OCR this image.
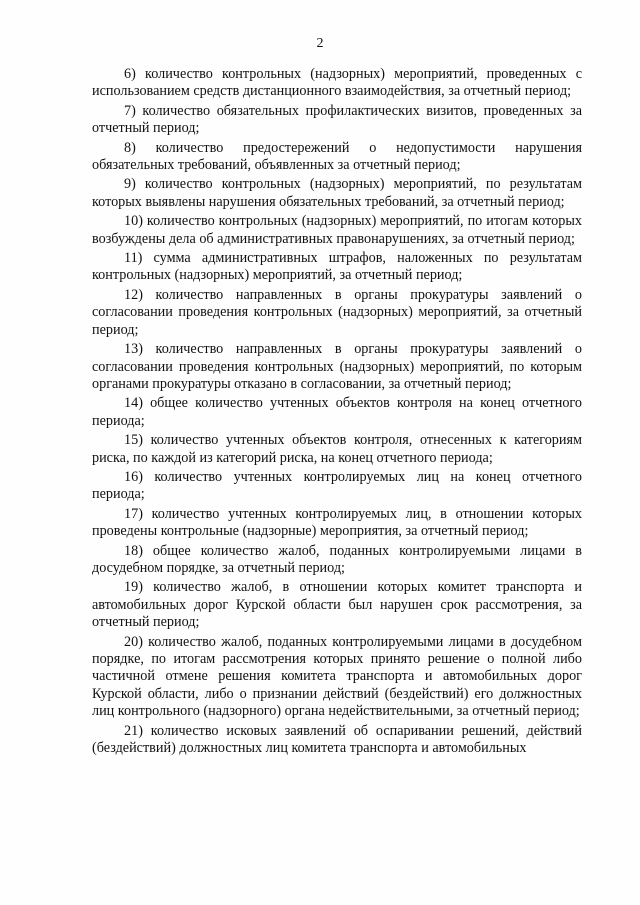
2

6) количество контрольных (надзорных) мероприятий, проведенных с использованием средств дистанционного взаимодействия, за отчетный период;

7) количество обязательных профилактических визитов, проведенных за отчетный период;

8) количество предостережений о недопустимости нарушения обязательных требований, объявленных за отчетный период;

9) количество контрольных (надзорных) мероприятий, по результатам которых выявлены нарушения обязательных требований, за отчетный период;

10) количество контрольных (надзорных) мероприятий, по итогам которых возбуждены дела об административных правонарушениях, за отчетный период;

11) сумма административных штрафов, наложенных по результатам контрольных (надзорных) мероприятий, за отчетный период;

12) количество направленных в органы прокуратуры заявлений о согласовании проведения контрольных (надзорных) мероприятий, за отчетный период;

13) количество направленных в органы прокуратуры заявлений о согласовании проведения контрольных (надзорных) мероприятий, по которым органами прокуратуры отказано в согласовании, за отчетный период;

14) общее количество учтенных объектов контроля на конец отчетного периода;

15) количество учтенных объектов контроля, отнесенных к категориям риска, по каждой из категорий риска, на конец отчетного периода;

16) количество учтенных контролируемых лиц на конец отчетного периода;

17) количество учтенных контролируемых лиц, в отношении которых проведены контрольные (надзорные) мероприятия, за отчетный период;

18) общее количество жалоб, поданных контролируемыми лицами в досудебном порядке, за отчетный период;

19) количество жалоб, в отношении которых комитет транспорта и автомобильных дорог Курской области был нарушен срок рассмотрения, за отчетный период;

20) количество жалоб, поданных контролируемыми лицами в досудебном порядке, по итогам рассмотрения которых принято решение о полной либо частичной отмене решения комитета транспорта и автомобильных дорог Курской области, либо о признании действий (бездействий) его должностных лиц контрольного (надзорного) органа недействительными, за отчетный период;

21) количество исковых заявлений об оспаривании решений, действий (бездействий) должностных лиц комитета транспорта и автомобильных
